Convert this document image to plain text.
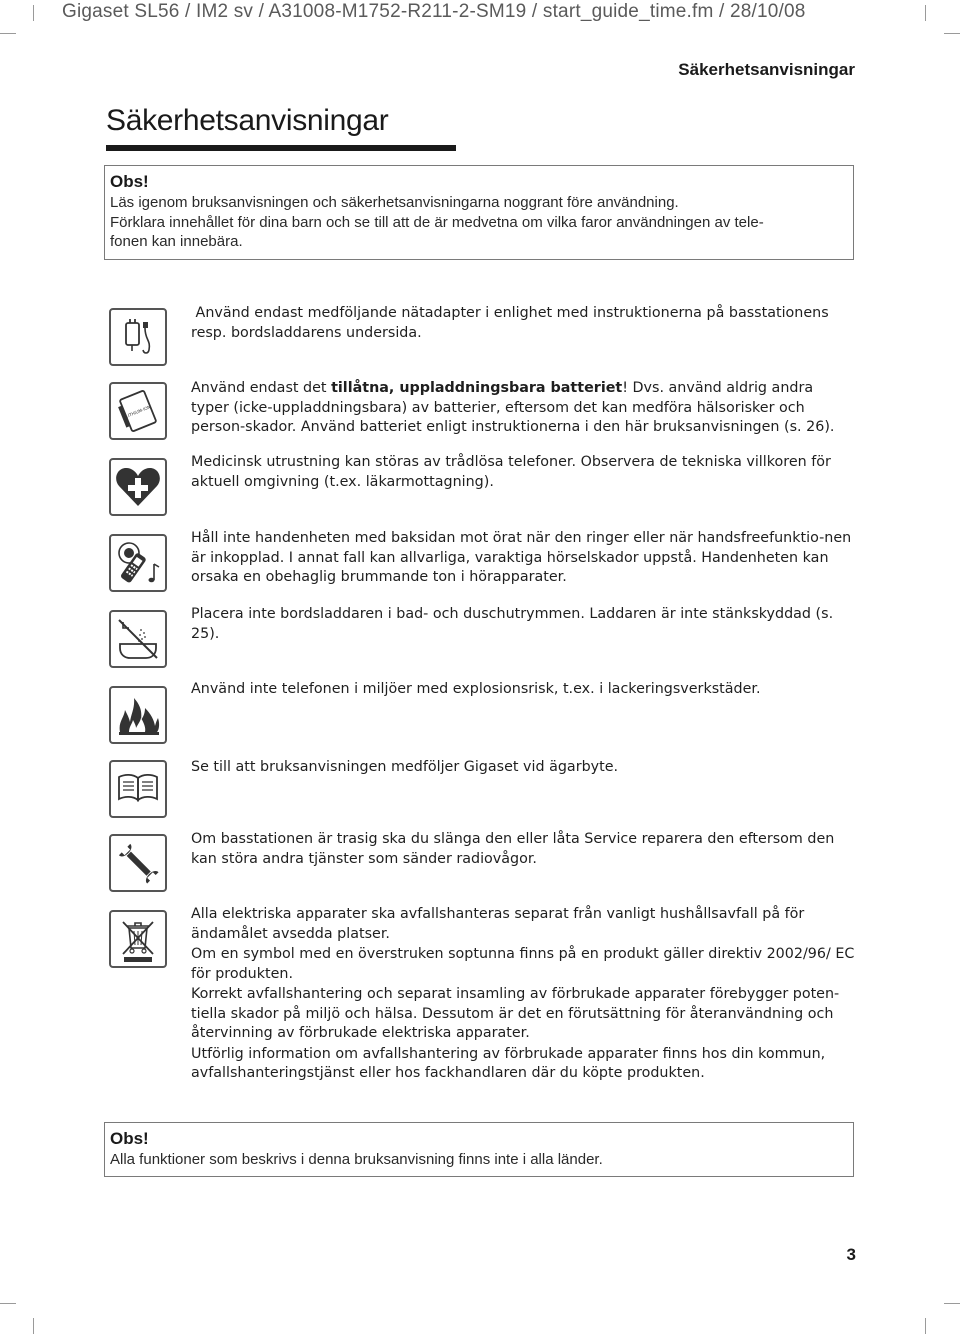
Gigaset SL56 / IM2 sv / A31008-M1752-R211-2-SM19 / start_guide_time.fm / 28/10/08
Säkerhetsanvisningar
Säkerhetsanvisningar

Obs!

Läs igenom bruksanvisningen och säkerhetsanvisningarna noggrant före användning.

Förklara innehållet för dina barn och se till att de är medvetna om vilka faror användningen av tele-

fonen kan innebära.

Använd endast medföljande nätadapter i enlighet med instruktionerna på basstationens resp. bordsladdarens undersida.

LITHIUM-ION

Använd endast det tillåtna, uppladdningsbara batteriet! Dvs. använd aldrig andra typer (icke-uppladdningsbara) av batterier, eftersom det kan medföra hälsorisker och person-skador. Använd batteriet enligt instruktionerna i den här bruksanvisningen (s. 26).

Medicinsk utrustning kan störas av trådlösa telefoner. Observera de tekniska villkoren för aktuell omgivning (t.ex. läkarmottagning).

Håll inte handenheten med baksidan mot örat när den ringer eller när handsfreefunktio-nen är inkopplad. I annat fall kan allvarliga, varaktiga hörselskador uppstå. Handenheten kan orsaka en obehaglig brummande ton i hörapparater.

Placera inte bordsladdaren i bad- och duschutrymmen. Laddaren är inte stänkskyddad (s. 25).

Använd inte telefonen i miljöer med explosionsrisk, t.ex. i lackeringsverkstäder.

Se till att bruksanvisningen medföljer Gigaset vid ägarbyte.

Om basstationen är trasig ska du slänga den eller låta Service reparera den eftersom den kan störa andra tjänster som sänder radiovågor.

Alla elektriska apparater ska avfallshanteras separat från vanligt hushållsavfall på för ändamålet avsedda platser.

Om en symbol med en överstruken soptunna finns på en produkt gäller direktiv 2002/96/ EC för produkten.

Korrekt avfallshantering och separat insamling av förbrukade apparater förebygger poten-tiella skador på miljö och hälsa. Dessutom är det en förutsättning för återanvändning och återvinning av förbrukade elektriska apparater.

Utförlig information om avfallshantering av förbrukade apparater finns hos din kommun, avfallshanteringstjänst eller hos fackhandlaren där du köpte produkten.

Obs!

Alla funktioner som beskrivs i denna bruksanvisning finns inte i alla länder.

3
